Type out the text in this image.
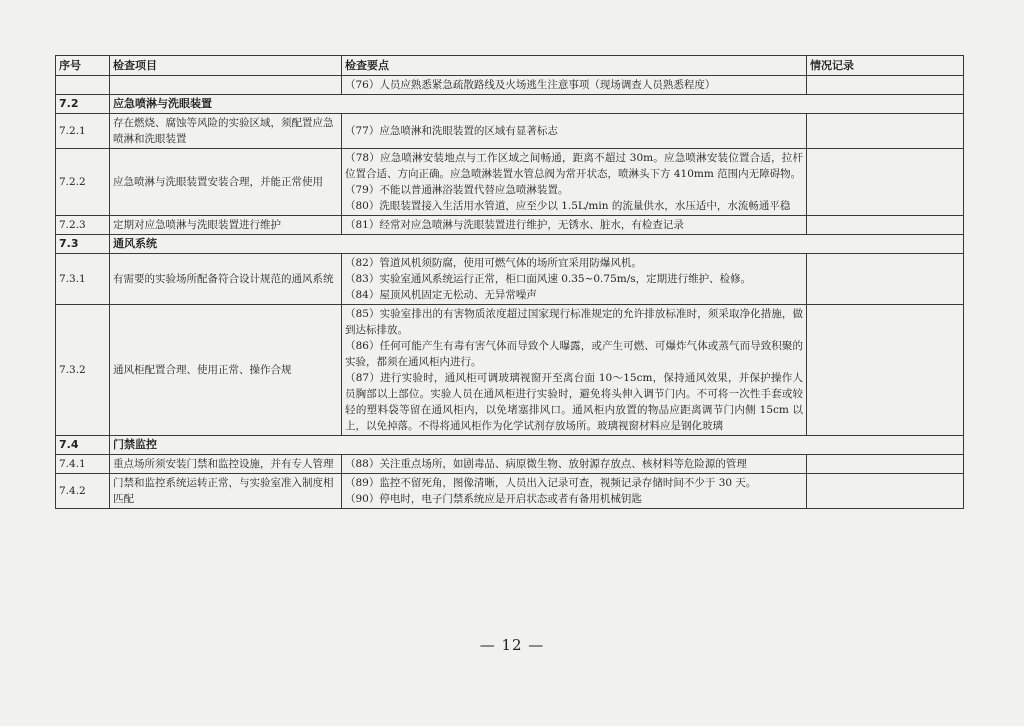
序号	检查项目	检查要点	情况记录
		（76）人员应熟悉紧急疏散路线及火场逃生注意事项（现场调查人员熟悉程度）	
7.2	应急喷淋与洗眼装置		
7.2.1	存在燃烧、腐蚀等风险的实验区域，须配置应急喷淋和洗眼装置	（77）应急喷淋和洗眼装置的区域有显著标志	
7.2.2	应急喷淋与洗眼装置安装合理，并能正常使用	（78）应急喷淋安装地点与工作区域之间畅通，距离不超过 30m。应急喷淋安装位置合适，拉杆位置合适、方向正确。应急喷淋装置水管总阀为常开状态，喷淋头下方 410mm 范围内无障碍物。
（79）不能以普通淋浴装置代替应急喷淋装置。
（80）洗眼装置接入生活用水管道，应至少以 1.5L/min 的流量供水，水压适中，水流畅通平稳	

7.2.3	定期对应急喷淋与洗眼装置进行维护	（81）经常对应急喷淋与洗眼装置进行维护，无锈水、脏水，有检查记录	
7.3	通风系统		
7.3.1	有需要的实验场所配备符合设计规范的通风系统	（82）管道风机须防腐，使用可燃气体的场所宜采用防爆风机。
（83）实验室通风系统运行正常，柜口面风速 0.35~0.75m/s，定期进行维护、检修。
（84）屋顶风机固定无松动、无异常噪声	

7.3.2	通风柜配置合理、使用正常、操作合规	（85）实验室排出的有害物质浓度超过国家现行标准规定的允许排放标准时，须采取净化措施，做到达标排放。
（86）任何可能产生有毒有害气体而导致个人曝露，或产生可燃、可爆炸气体或蒸气而导致积聚的实验，都须在通风柜内进行。
（87）进行实验时，通风柜可调玻璃视窗开至离台面 10～15cm，保持通风效果，并保护操作人员胸部以上部位。实验人员在通风柜进行实验时，避免将头伸入调节门内。不可将一次性手套或较轻的塑料袋等留在通风柜内，以免堵塞排风口。通风柜内放置的物品应距离调节门内侧 15cm 以上，以免掉落。不得将通风柜作为化学试剂存放场所。玻璃视窗材料应是钢化玻璃	

7.4	门禁监控		
7.4.1	重点场所须安装门禁和监控设施，并有专人管理	（88）关注重点场所，如剧毒品、病原微生物、放射源存放点、核材料等危险源的管理	
7.4.2	门禁和监控系统运转正常，与实验室准入制度相匹配	（89）监控不留死角，图像清晰，人员出入记录可查，视频记录存储时间不少于 30 天。
（90）停电时，电子门禁系统应是开启状态或者有备用机械钥匙	

— 12 —
